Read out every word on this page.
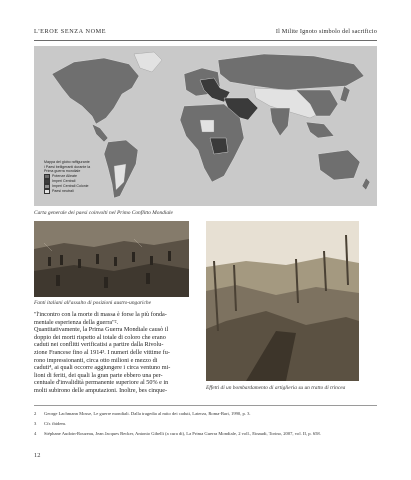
L'EROE SENZA NOME	Il Milite Ignoto simbolo del sacrificio
Mappa del globo raffigurante
i Paesi belligeranti durante la
Prima guerra mondiale
Potenze Alleate
Imperi Centrali
Imperi Centrali Colonie
Paesi neutrali
Carta generale dei paesi coinvolti nel Primo Conflitto Mondiale
Fanti italiani all'assalto di posizioni austro-ungariche
Effetti di un bombardamento di artiglieria su un tratto di trincea
"l'incontro con la morte di massa è forse la più fonda-
mentale esperienza della guerra"².
Quantitativamente, la Prima Guerra Mondiale causò il
doppio dei morti rispetto al totale di coloro che erano
caduti nei conflitti verificatisi a partire dalla Rivolu-
zione Francese fino al 1914³. I numeri delle vittime fu-
rono impressionanti, circa otto milioni e mezzo di
caduti⁴, ai quali occorre aggiungere i circa ventuno mi-
lioni di feriti, dei quali la gran parte ebbero una per-
centuale d'invalidità permanente superiore al 50% e in
molti subirono delle amputazioni. Inoltre, bes cinque-
2 George Lachmann Mosse, Le guerre mondiali. Dalla tragedia al mito dei caduti, Laterza, Roma-Bari, 1990, p. 3.
3 Cfr. ibidem.
4 Stéphane Audoin-Rouzeau, Jean Jacques Becker, Antonio Gibelli (a cura di), La Prima Guerra Mondiale, 2 voll., Einaudi, Torino, 2007, vol. II, p. 658.
12
